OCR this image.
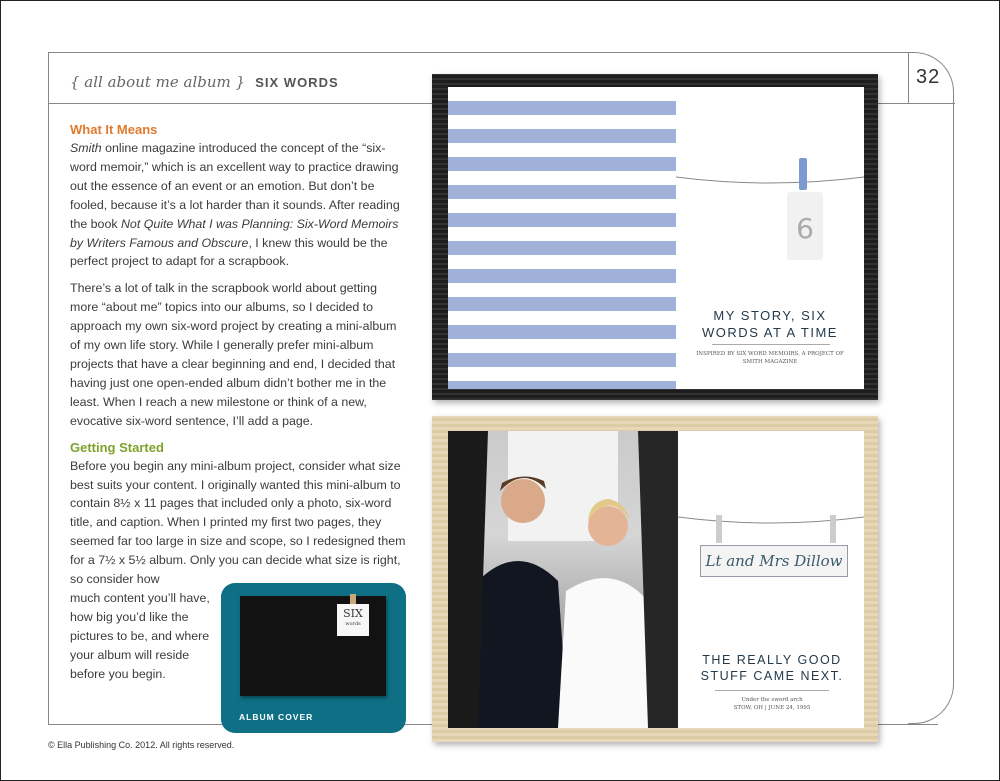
32
{ all about me album } SIX WORDS
What It Means

Smith online magazine introduced the concept of the “six-word memoir,” which is an excellent way to practice drawing out the essence of an event or an emotion. But don’t be fooled, because it’s a lot harder than it sounds. After reading the book Not Quite What I was Planning: Six-Word Memoirs by Writers Famous and Obscure, I knew this would be the perfect project to adapt for a scrapbook.

There’s a lot of talk in the scrapbook world about getting more “about me” topics into our albums, so I decided to approach my own six-word project by creating a mini-album of my own life story. While I generally prefer mini-album projects that have a clear beginning and end, I decided that having just one open-ended album didn’t bother me in the least. When I reach a new milestone or think of a new, evocative six-word sentence, I’ll add a page.

Getting Started

Before you begin any mini-album project, consider what size best suits your content. I originally wanted this mini-album to contain 8½ x 11 pages that included only a photo, six-word title, and caption. When I printed my first two pages, they seemed far too large in size and scope, so I redesigned them for a 7½ x 5½ album. Only you can decide what size is right, so consider how

much content you’ll have, how big you’d like the pictures to be, and where your album will reside before you begin.

6
MY STORY, SIX WORDS AT A TIME
INSPIRED BY SIX WORD MEMOIRS, A PROJECT OF SMITH MAGAZINE
Lt and Mrs Dillow
THE REALLY GOOD STUFF CAME NEXT.
Under the sword arch
STOW, OH | JUNE 24, 1995
SIX
words
ALBUM COVER
© Ella Publishing Co. 2012. All rights reserved.
